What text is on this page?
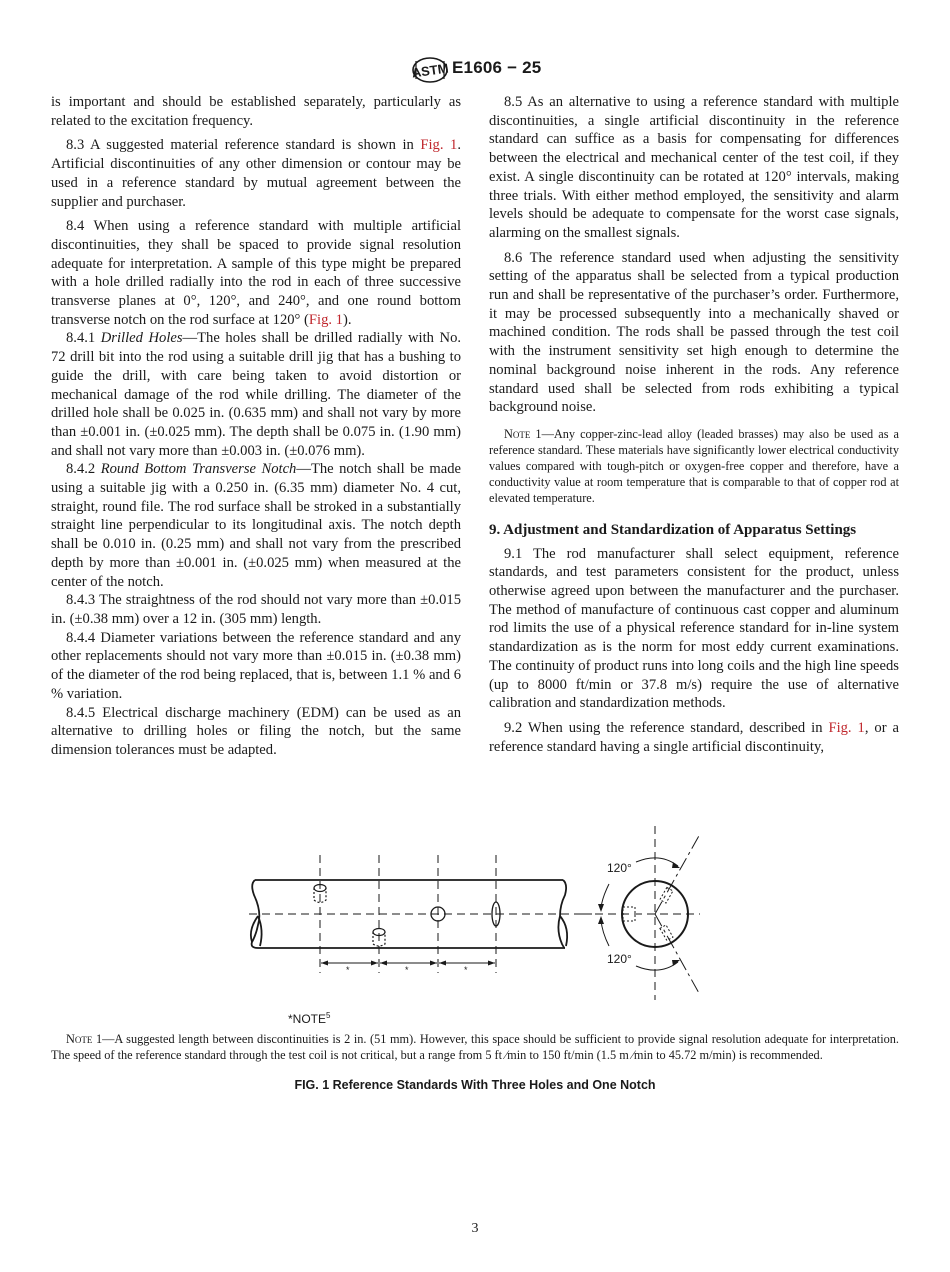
ASTM E1606 − 25

is important and should be established separately, particularly as related to the excitation frequency.

8.3 A suggested material reference standard is shown in Fig. 1. Artificial discontinuities of any other dimension or contour may be used in a reference standard by mutual agreement between the supplier and purchaser.

8.4 When using a reference standard with multiple artificial discontinuities, they shall be spaced to provide signal resolution adequate for interpretation. A sample of this type might be prepared with a hole drilled radially into the rod in each of three successive transverse planes at 0°, 120°, and 240°, and one round bottom transverse notch on the rod surface at 120° (Fig. 1).

8.4.1 Drilled Holes—The holes shall be drilled radially with No. 72 drill bit into the rod using a suitable drill jig that has a bushing to guide the drill, with care being taken to avoid distortion or mechanical damage of the rod while drilling. The diameter of the drilled hole shall be 0.025 in. (0.635 mm) and shall not vary by more than ±0.001 in. (±0.025 mm). The depth shall be 0.075 in. (1.90 mm) and shall not vary more than ±0.003 in. (±0.076 mm).

8.4.2 Round Bottom Transverse Notch—The notch shall be made using a suitable jig with a 0.250 in. (6.35 mm) diameter No. 4 cut, straight, round file. The rod surface shall be stroked in a substantially straight line perpendicular to its longitudinal axis. The notch depth shall be 0.010 in. (0.25 mm) and shall not vary from the prescribed depth by more than ±0.001 in. (±0.025 mm) when measured at the center of the notch.

8.4.3 The straightness of the rod should not vary more than ±0.015 in. (±0.38 mm) over a 12 in. (305 mm) length.

8.4.4 Diameter variations between the reference standard and any other replacements should not vary more than ±0.015 in. (±0.38 mm) of the diameter of the rod being replaced, that is, between 1.1 % and 6 % variation.

8.4.5 Electrical discharge machinery (EDM) can be used as an alternative to drilling holes or filing the notch, but the same dimension tolerances must be adapted.

8.5 As an alternative to using a reference standard with multiple discontinuities, a single artificial discontinuity in the reference standard can suffice as a basis for compensating for differences between the electrical and mechanical center of the test coil, if they exist. A single discontinuity can be rotated at 120° intervals, making three trials. With either method employed, the sensitivity and alarm levels should be adequate to compensate for the worst case signals, alarming on the smallest signals.

8.6 The reference standard used when adjusting the sensitivity setting of the apparatus shall be selected from a typical production run and shall be representative of the purchaser’s order. Furthermore, it may be processed subsequently into a mechanically shaved or machined condition. The rods shall be passed through the test coil with the instrument sensitivity set high enough to determine the nominal background noise inherent in the rods. Any reference standard used shall be selected from rods exhibiting a typical background noise.

Note 1—Any copper-zinc-lead alloy (leaded brasses) may also be used as a reference standard. These materials have significantly lower electrical conductivity values compared with tough-pitch or oxygen-free copper and therefore, have a conductivity value at room temperature that is comparable to that of copper rod at elevated temperature.

9. Adjustment and Standardization of Apparatus Settings

9.1 The rod manufacturer shall select equipment, reference standards, and test parameters consistent for the product, unless otherwise agreed upon between the manufacturer and the purchaser. The method of manufacture of continuous cast copper and aluminum rod limits the use of a physical reference standard for in-line system standardization as is the norm for most eddy current examinations. The continuity of product runs into long coils and the high line speeds (up to 8000 ft/min or 37.8 m/s) require the use of alternative calibration and standardization methods.

9.2 When using the reference standard, described in Fig. 1, or a reference standard having a single artificial discontinuity,

*	*	*
120°
120°
*NOTE$^5$
Note 1—A suggested length between discontinuities is 2 in. (51 mm). However, this space should be sufficient to provide signal resolution adequate for interpretation. The speed of the reference standard through the test coil is not critical, but a range from 5 ft ⁄min to 150 ft/min (1.5 m ⁄min to 45.72 m/min) is recommended.
FIG. 1 Reference Standards With Three Holes and One Notch
3
